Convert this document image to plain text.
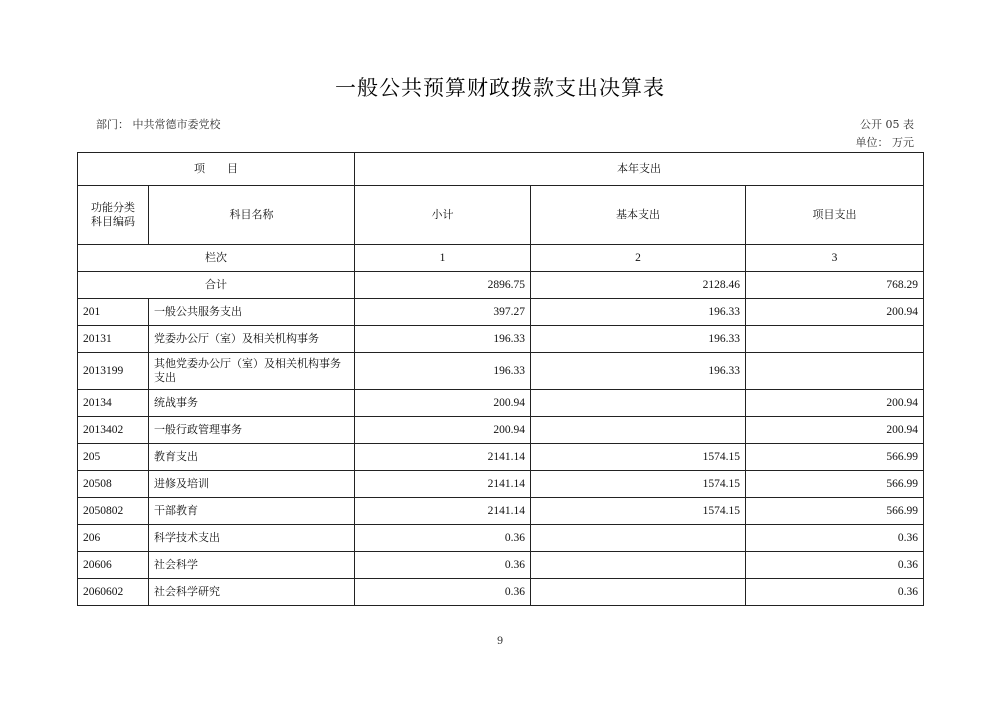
一般公共预算财政拨款支出决算表
部门： 中共常德市委党校	公开 05 表
单位： 万元
项　　目		本年支出		
功能分类
科目编码	科目名称	小计	基本支出	项目支出
栏次		1	2	3
合计		2896.75	2128.46	768.29
201	一般公共服务支出	397.27	196.33	200.94
20131	党委办公厅（室）及相关机构事务	196.33	196.33	
2013199	其他党委办公厅（室）及相关机构事务支出	196.33	196.33	
20134	统战事务	200.94		200.94
2013402	一般行政管理事务	200.94		200.94
205	教育支出	2141.14	1574.15	566.99
20508	进修及培训	2141.14	1574.15	566.99
2050802	干部教育	2141.14	1574.15	566.99
206	科学技术支出	0.36		0.36
20606	社会科学	0.36		0.36
2060602	社会科学研究	0.36		0.36
9
